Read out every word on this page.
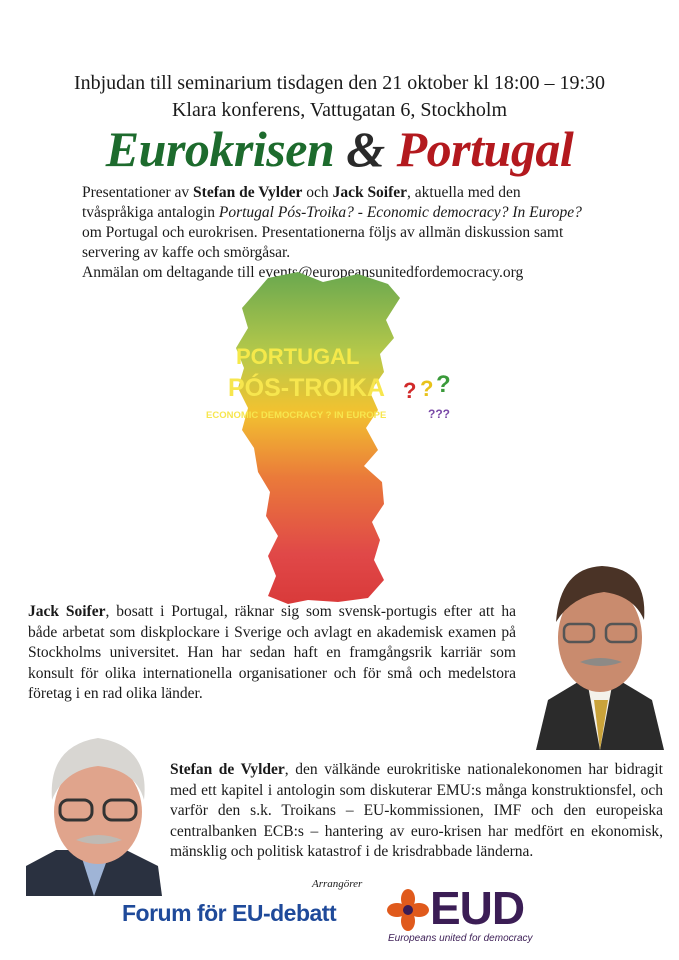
Inbjudan till seminarium tisdagen den 21 oktober kl 18:00 – 19:30
Klara konferens, Vattugatan 6, Stockholm
Eurokrisen & Portugal
Presentationer av Stefan de Vylder och Jack Soifer, aktuella med den tvåspråkiga antalogin Portugal Pós-Troika? - Economic democracy? In Europe? om Portugal och eurokrisen. Presentationerna följs av allmän diskussion samt servering av kaffe och smörgåsar.
Anmälan om deltagande till events@europeansunitedfordemocracy.org
PORTUGAL
PÓS-TROIKA ? ? ?
ECONOMIC DEMOCRACY ? IN EUROPE	???
Jack Soifer, bosatt i Portugal, räknar sig som svensk-portugis efter att ha både arbetat som diskplockare i Sverige och avlagt en akademisk examen på Stockholms universitet. Han har sedan haft en framgångsrik karriär som konsult för olika internationella organisationer och för små och medelstora företag i en rad olika länder.
Stefan de Vylder, den välkände eurokritiske nationalekonomen har bidragit med ett kapitel i antologin som diskuterar EMU:s många konstruktionsfel, och varför den s.k. Troikans – EU-kommissionen, IMF och den europeiska centralbanken ECB:s – hantering av euro-krisen har medfört en ekonomisk, mänsklig och politisk katastrof i de krisdrabbade länderna.
Arrangörer
Forum för EU-debatt EUD
Europeans united for democracy
